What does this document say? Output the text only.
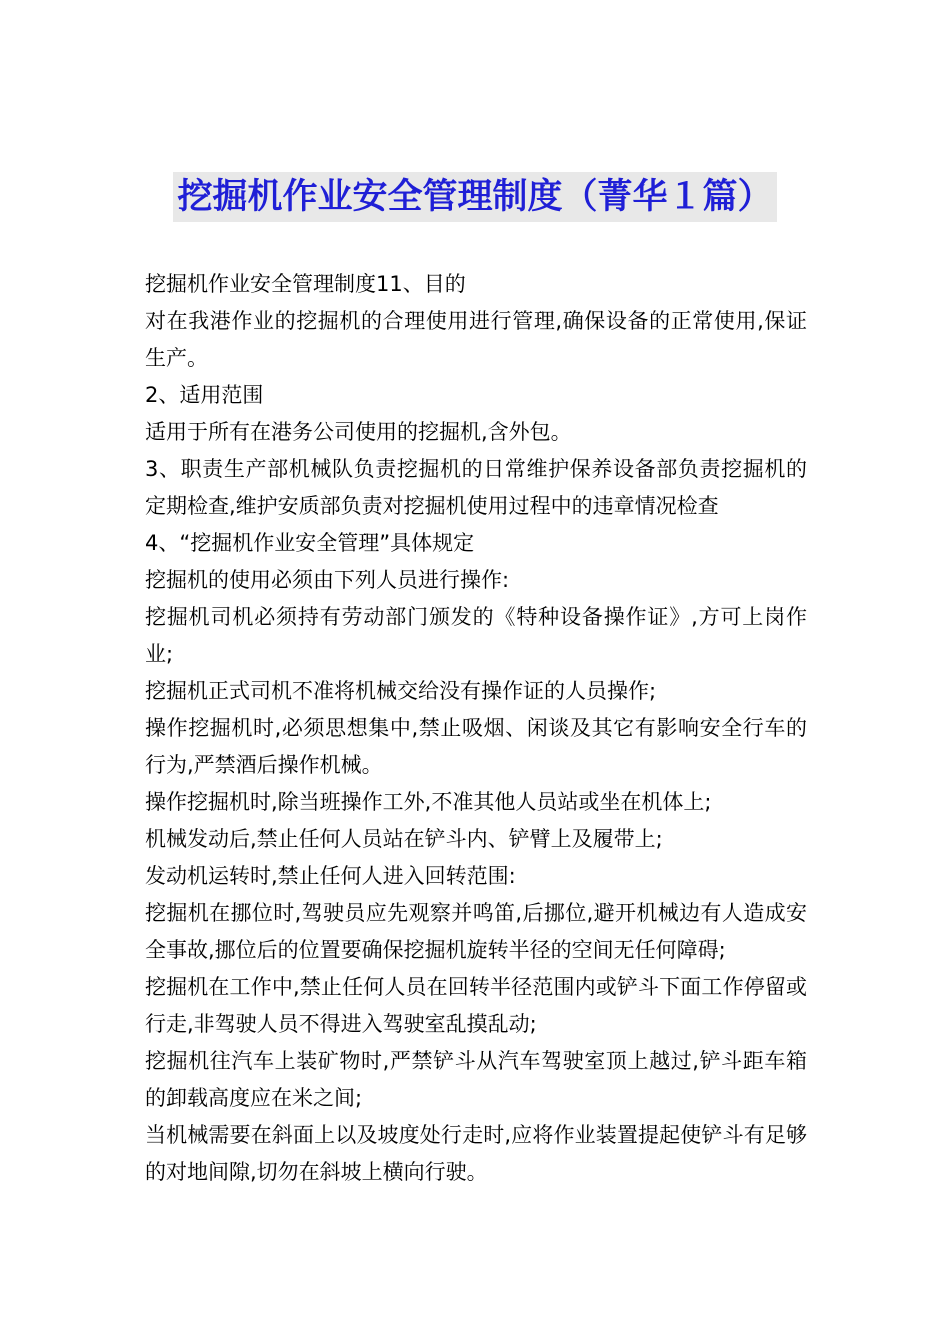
挖掘机作业安全管理制度（菁华１篇）

挖掘机作业安全管理制度11、目的

对在我港作业的挖掘机的合理使用进行管理,确保设备的正常使用,保证生产。

2、适用范围

适用于所有在港务公司使用的挖掘机,含外包。

3、职责生产部机械队负责挖掘机的日常维护保养设备部负责挖掘机的定期检查,维护安质部负责对挖掘机使用过程中的违章情况检查

4、“挖掘机作业安全管理”具体规定

挖掘机的使用必须由下列人员进行操作:

挖掘机司机必须持有劳动部门颁发的《特种设备操作证》,方可上岗作业;

挖掘机正式司机不准将机械交给没有操作证的人员操作;

操作挖掘机时,必须思想集中,禁止吸烟、闲谈及其它有影响安全行车的行为,严禁酒后操作机械。

操作挖掘机时,除当班操作工外,不准其他人员站或坐在机体上;

机械发动后,禁止任何人员站在铲斗内、铲臂上及履带上;

发动机运转时,禁止任何人进入回转范围:

挖掘机在挪位时,驾驶员应先观察并鸣笛,后挪位,避开机械边有人造成安全事故,挪位后的位置要确保挖掘机旋转半径的空间无任何障碍;

挖掘机在工作中,禁止任何人员在回转半径范围内或铲斗下面工作停留或行走,非驾驶人员不得进入驾驶室乱摸乱动;

挖掘机往汽车上装矿物时,严禁铲斗从汽车驾驶室顶上越过,铲斗距车箱的卸载高度应在米之间;

当机械需要在斜面上以及坡度处行走时,应将作业装置提起使铲斗有足够的对地间隙,切勿在斜坡上横向行驶。
